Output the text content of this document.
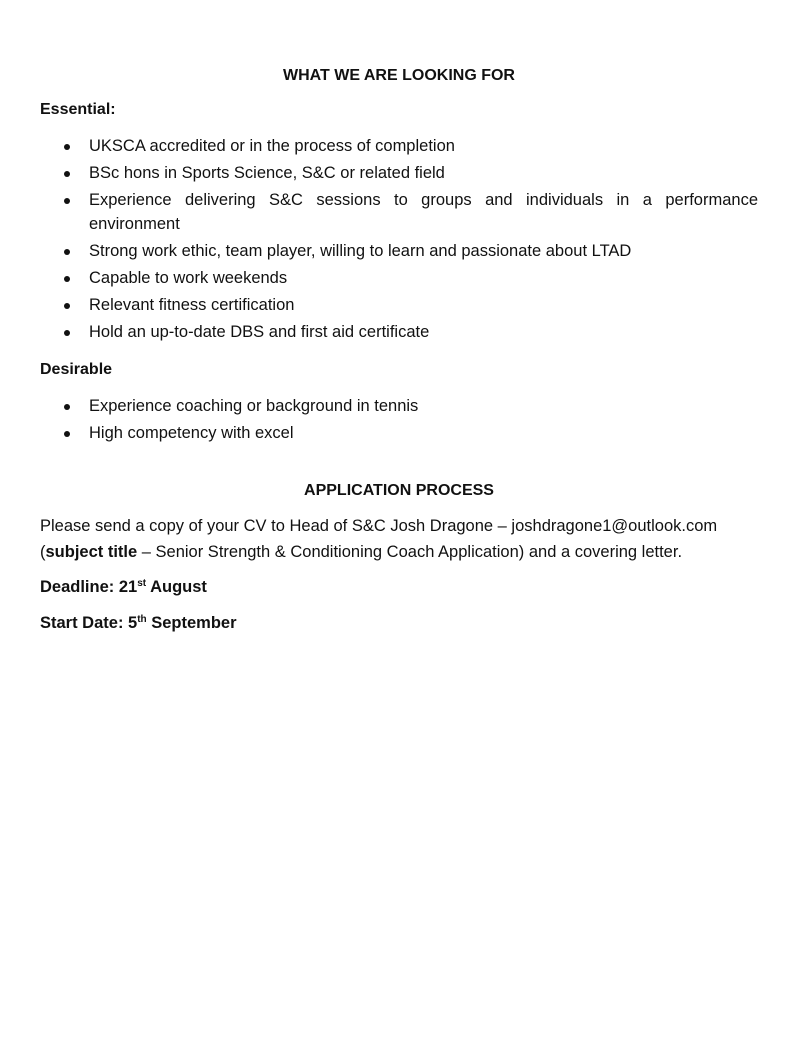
WHAT WE ARE LOOKING FOR
Essential:
UKSCA accredited or in the process of completion
BSc hons in Sports Science, S&C or related field
Experience delivering S&C sessions to groups and individuals in a performance environment
Strong work ethic, team player, willing to learn and passionate about LTAD
Capable to work weekends
Relevant fitness certification
Hold an up-to-date DBS and first aid certificate
Desirable
Experience coaching or background in tennis
High competency with excel
APPLICATION PROCESS
Please send a copy of your CV to Head of S&C Josh Dragone – joshdragone1@outlook.com
(subject title – Senior Strength & Conditioning Coach Application) and a covering letter.
Deadline: 21st August
Start Date: 5th September
